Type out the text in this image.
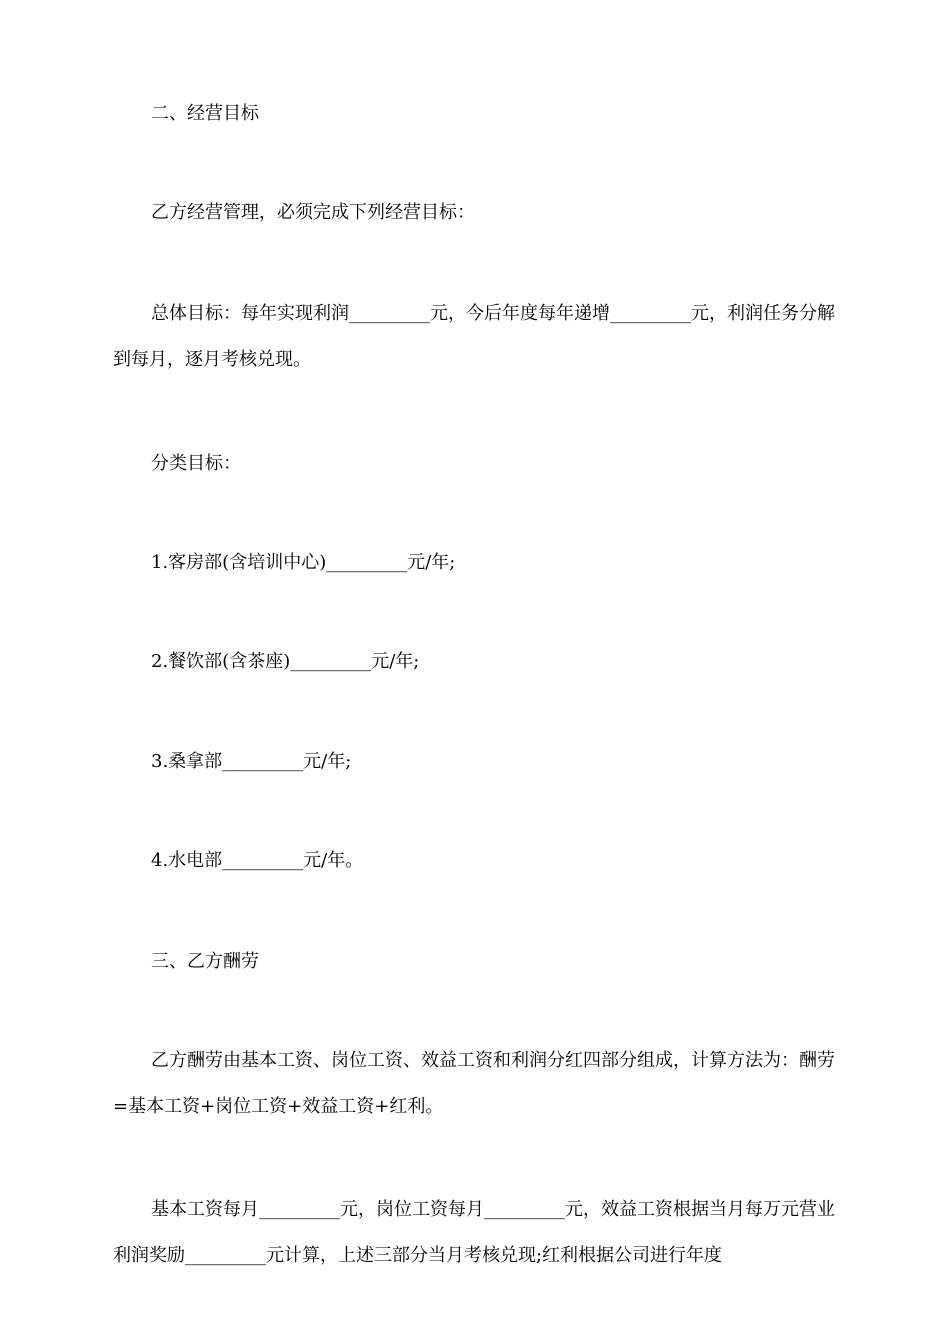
二、经营目标

乙方经营管理，必须完成下列经营目标：

总体目标：每年实现利润_________元，今后年度每年递增_________元，利润任务分解到每月，逐月考核兑现。

分类目标：

1.客房部(含培训中心)_________元/年;

2.餐饮部(含茶座)_________元/年;

3.桑拿部_________元/年;

4.水电部_________元/年。

三、乙方酬劳

乙方酬劳由基本工资、岗位工资、效益工资和利润分红四部分组成，计算方法为：酬劳=基本工资+岗位工资+效益工资+红利。

基本工资每月_________元，岗位工资每月_________元，效益工资根据当月每万元营业利润奖励_________元计算，上述三部分当月考核兑现;红利根据公司进行年度
